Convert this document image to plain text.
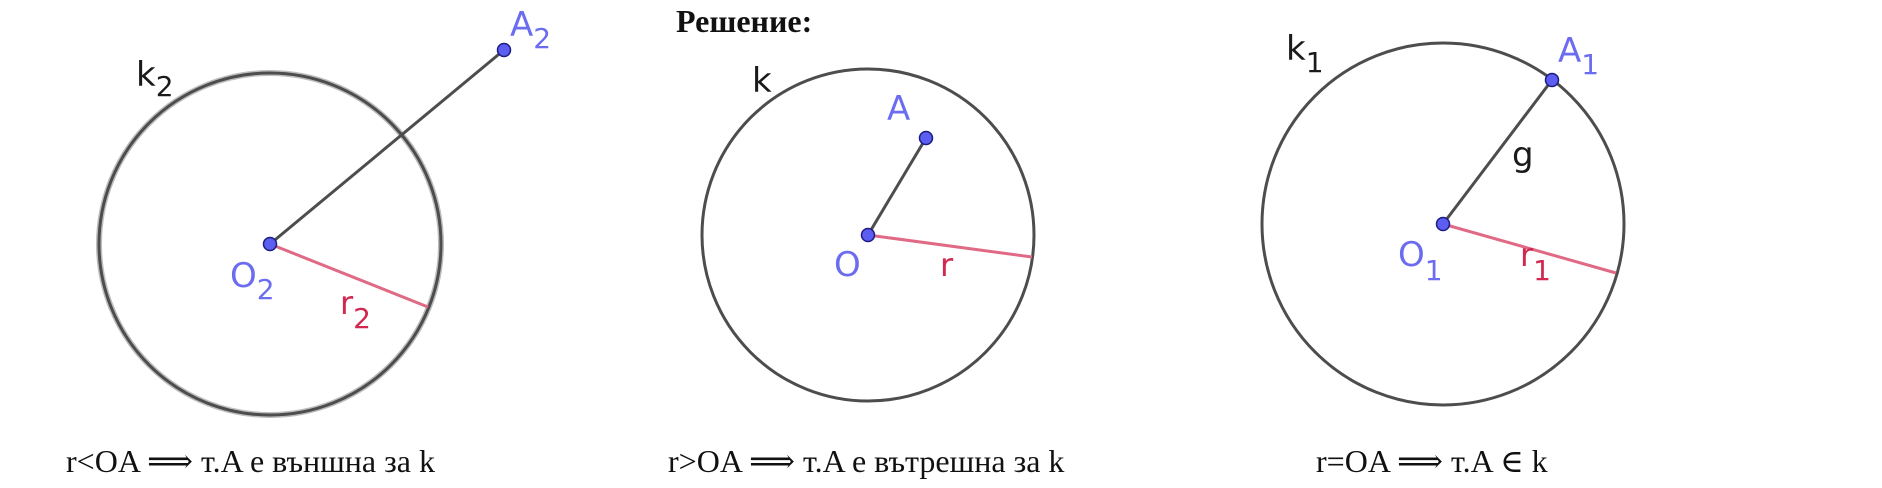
Решение:
$k_2$
$A_2$
$O_2$ r2
r<OA ⟹ т.A е външна за k
k
A
O r
r>OA ⟹ т.A е вътрешна за k
$k_1$	$A_1$
g
$O_1$ r1
r=OA ⟹ т.A ∈ k
